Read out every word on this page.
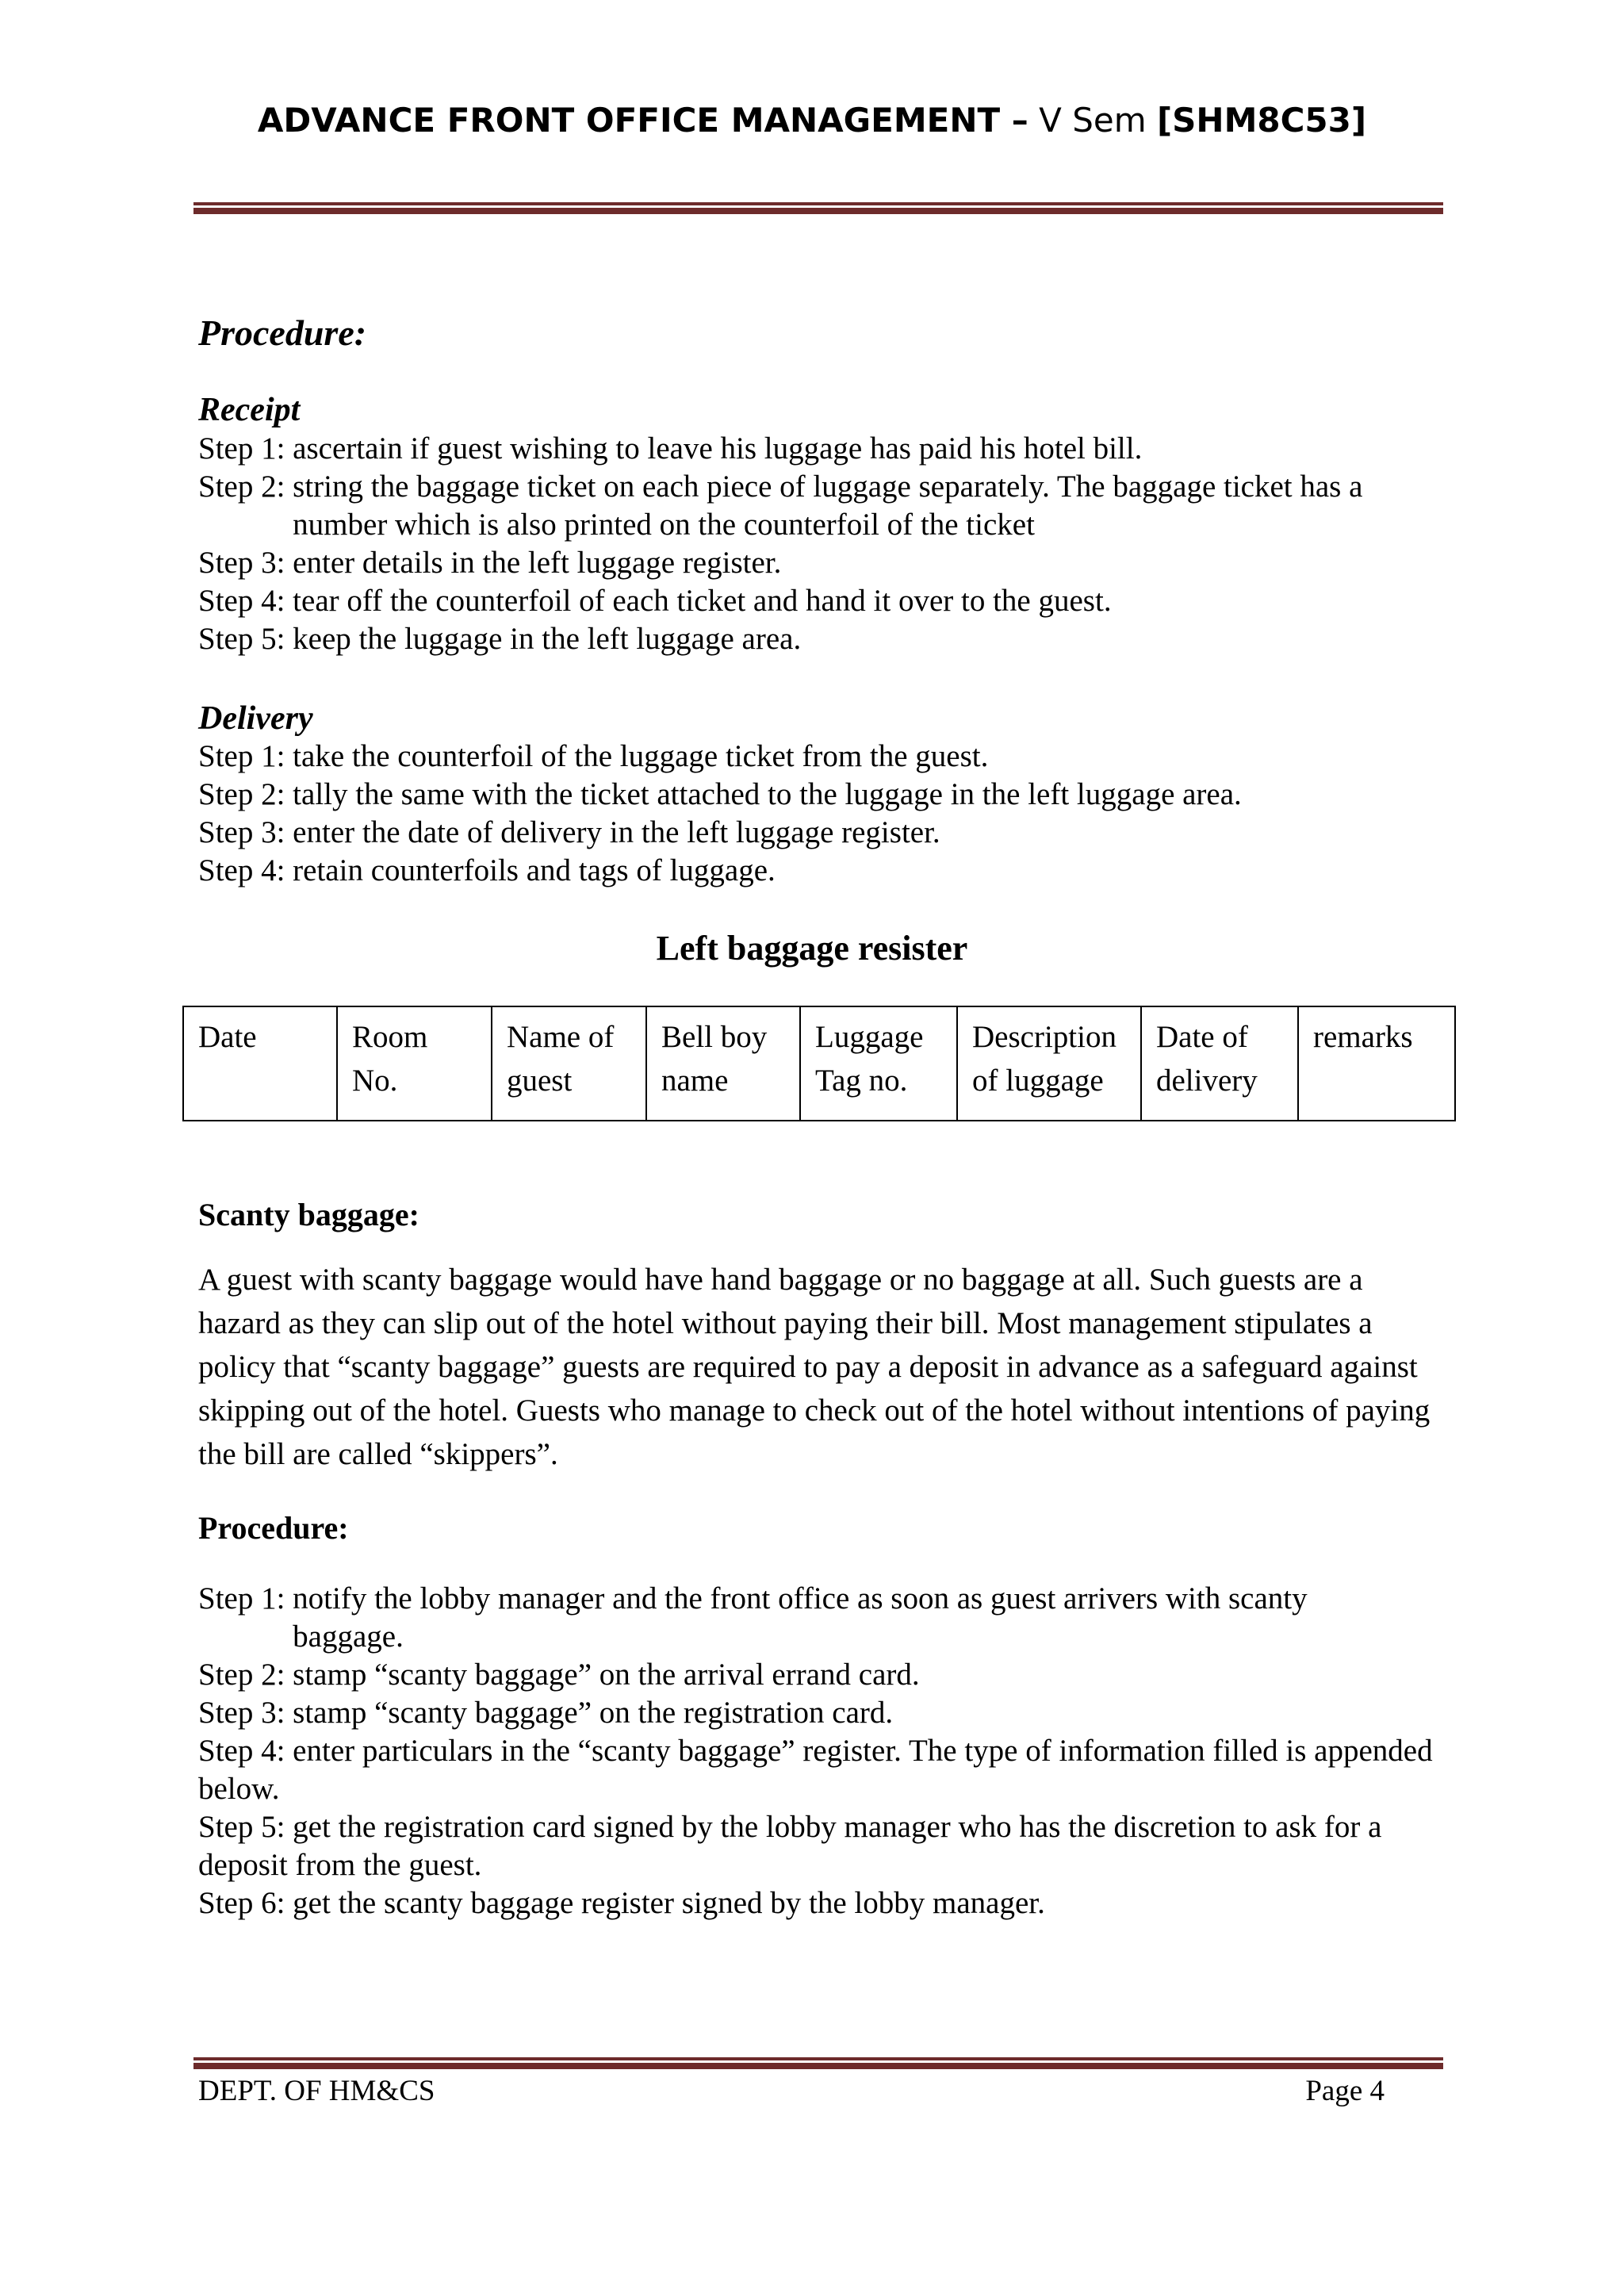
ADVANCE FRONT OFFICE MANAGEMENT – V Sem [SHM8C53]
Procedure:
Receipt
Step 1: ascertain if guest wishing to leave his luggage has paid his hotel bill.
Step 2: string the baggage ticket on each piece of luggage separately. The baggage ticket has a number which is also printed on the counterfoil of the ticket
Step 3: enter details in the left luggage register.
Step 4: tear off the counterfoil of each ticket and hand it over to the guest.
Step 5: keep the luggage in the left luggage area.
Delivery
Step 1: take the counterfoil of the luggage ticket from the guest.
Step 2: tally the same with the ticket attached to the luggage in the left luggage area.
Step 3: enter the date of delivery in the left luggage register.
Step 4: retain counterfoils and tags of luggage.
Left baggage resister
Date	Room No.	Name of guest	Bell boy name	Luggage Tag no.	Description of luggage	Date of delivery	remarks
Scanty baggage:
A guest with scanty baggage would have hand baggage or no baggage at all. Such guests are a hazard as they can slip out of the hotel without paying their bill. Most management stipulates a policy that “scanty baggage” guests are required to pay a deposit in advance as a safeguard against skipping out of the hotel. Guests who manage to check out of the hotel without intentions of paying the bill are called “skippers”.
Procedure:
Step 1: notify the lobby manager and the front office as soon as guest arrivers with scanty baggage.
Step 2: stamp “scanty baggage” on the arrival errand card.
Step 3: stamp “scanty baggage” on the registration card.
Step 4: enter particulars in the “scanty baggage” register. The type of information filled is appended below.
Step 5: get the registration card signed by the lobby manager who has the discretion to ask for a deposit from the guest.
Step 6: get the scanty baggage register signed by the lobby manager.
DEPT. OF HM&CS	Page 4
